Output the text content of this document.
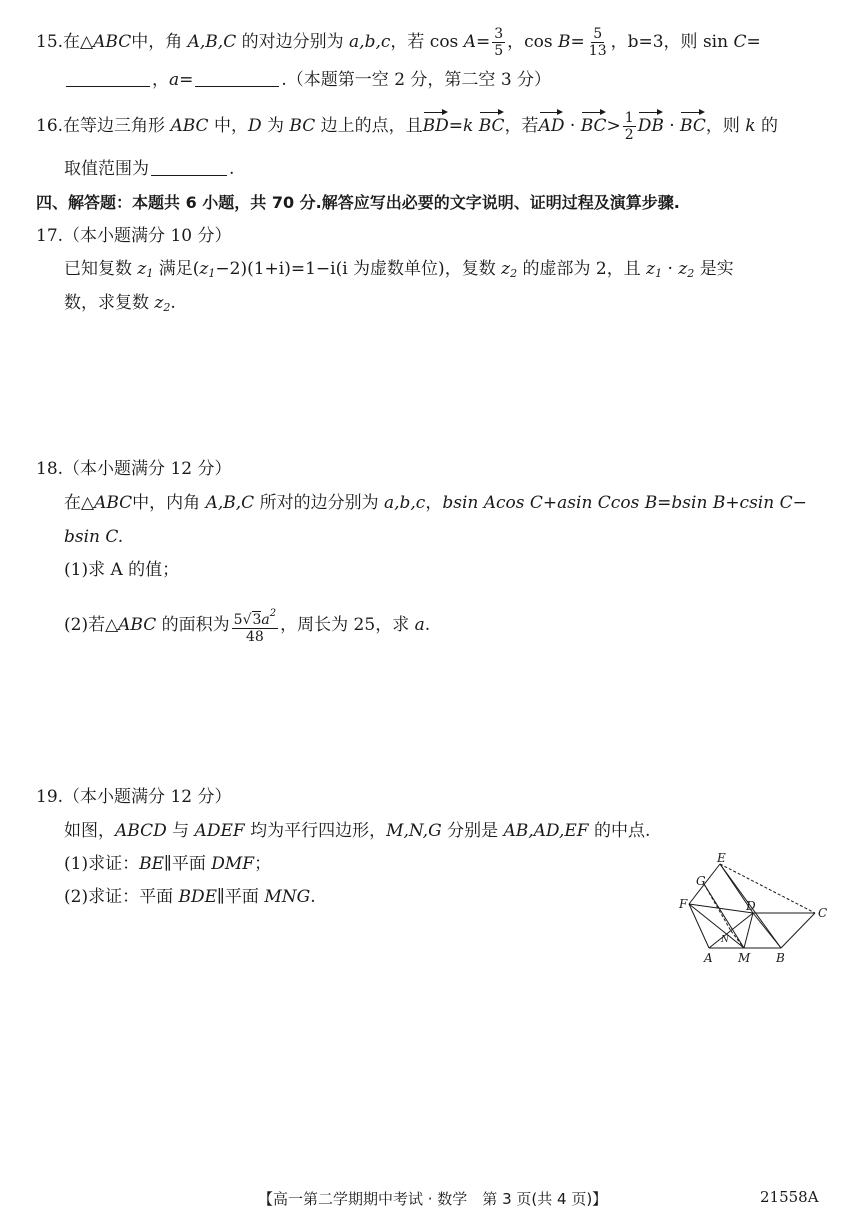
15.在△ABC中，角 A,B,C 的对边分别为 a,b,c，若 $\cos A= \frac{3}{5}$ ，$\cos B= \frac{5}{13}$ ，b=3，则 sin C=
，a=	.（本题第一空 2 分，第二空 3 分）
16.在等边三角形 ABC 中，D 为 BC 边上的点，且BD=k BC，若AD · $BC> \frac{1}{2}$ DB · BC，则 k 的
取值范围为	.
四、解答题：本题共 6 小题，共 70 分.解答应写出必要的文字说明、证明过程及演算步骤.
17.（本小题满分 10 分）
已知复数 $z_1$ 满足$(z_1-2)(1+i)=1-i(i$ 为虚数单位)，复数 $z_2$ 的虚部为 2，且 $z_1 \cdot z_2$ 是实
数，求复数 $z_2$.
18.（本小题满分 12 分）
在△ABC中，内角 A,B,C 所对的边分别为 a,b,c，bsin Acos C+asin Ccos B=bsin B+csin C−
bsin C.
(1)求 A 的值；
(2)若△ABC 的面积为 $\frac{5√3a^2}{48}$ ，周长为 25，求 a.
19.（本小题满分 12 分）
如图，ABCD 与 ADEF 均为平行四边形，M,N,G 分别是 AB,AD,EF 的中点.
(1)求证：BE∥平面 DMF；
(2)求证：平面 BDE∥平面 MNG.
E
G
F	D	C
N
A M B
【高一第二学期期中考试 · 数学　第 3 页(共 4 页)】	21558A
